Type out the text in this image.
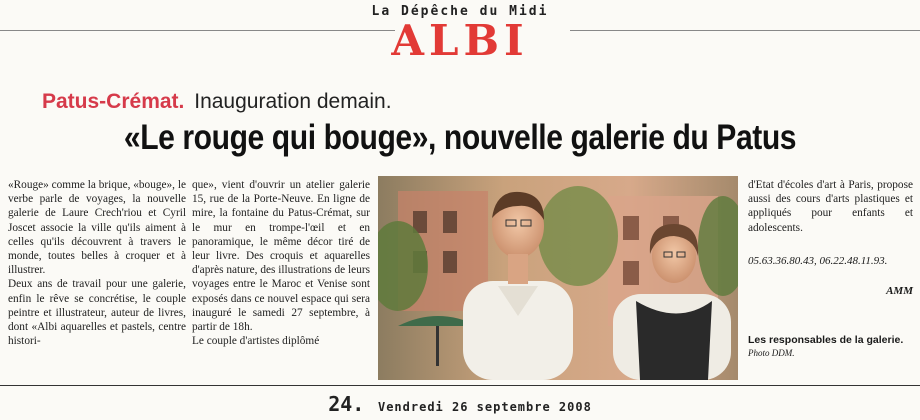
La Dépêche du Midi
ALBI
Patus-Crémat. Inauguration demain.
«Le rouge qui bouge», nouvelle galerie du Patus

«Rouge» comme la brique, «bouge», le verbe parle de voyages, la nouvelle galerie de Laure Crech'riou et Cyril Joscet associe la ville qu'ils aiment à celles qu'ils découvrent à travers le monde, toutes belles à croquer et à illustrer.

Deux ans de travail pour une galerie, enfin le rêve se concrétise, le couple peintre et illustrateur, auteur de livres, dont «Albi aquarelles et pastels, centre histori-

que», vient d'ouvrir un atelier galerie 15, rue de la Porte-Neuve. En ligne de mire, la fontaine du Patus-Crémat, sur le mur en trompe-l'œil et en panoramique, le même décor tiré de leur livre. Des croquis et aquarelles d'après nature, des illustrations de leurs voyages entre le Maroc et Venise sont exposés dans ce nouvel espace qui sera inauguré le samedi 27 septembre, à partir de 18h.

Le couple d'artistes diplômé

d'Etat d'écoles d'art à Paris, propose aussi des cours d'arts plastiques et appliqués pour enfants et adolescents.

05.63.36.80.43, 06.22.48.11.93.
AMM
Les responsables de la galerie. Photo DDM.
24. Vendredi 26 septembre 2008
